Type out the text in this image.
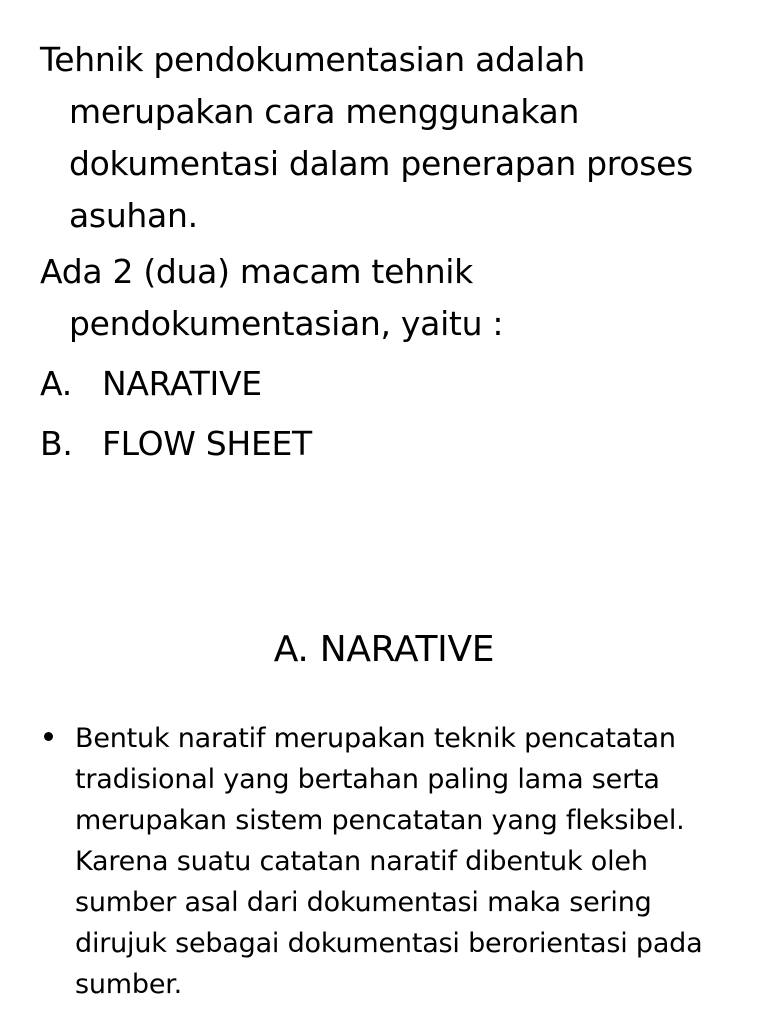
Tehnik pendokumentasian adalah merupakan cara menggunakan dokumentasi dalam penerapan proses asuhan.
Ada 2 (dua) macam tehnik pendokumentasian, yaitu :
A. NARATIVE
B. FLOW SHEET
A. NARATIVE
Bentuk naratif merupakan teknik pencatatan tradisional yang bertahan paling lama serta merupakan sistem pencatatan yang fleksibel. Karena suatu catatan naratif dibentuk oleh sumber asal dari dokumentasi maka sering dirujuk sebagai dokumentasi berorientasi pada sumber.
